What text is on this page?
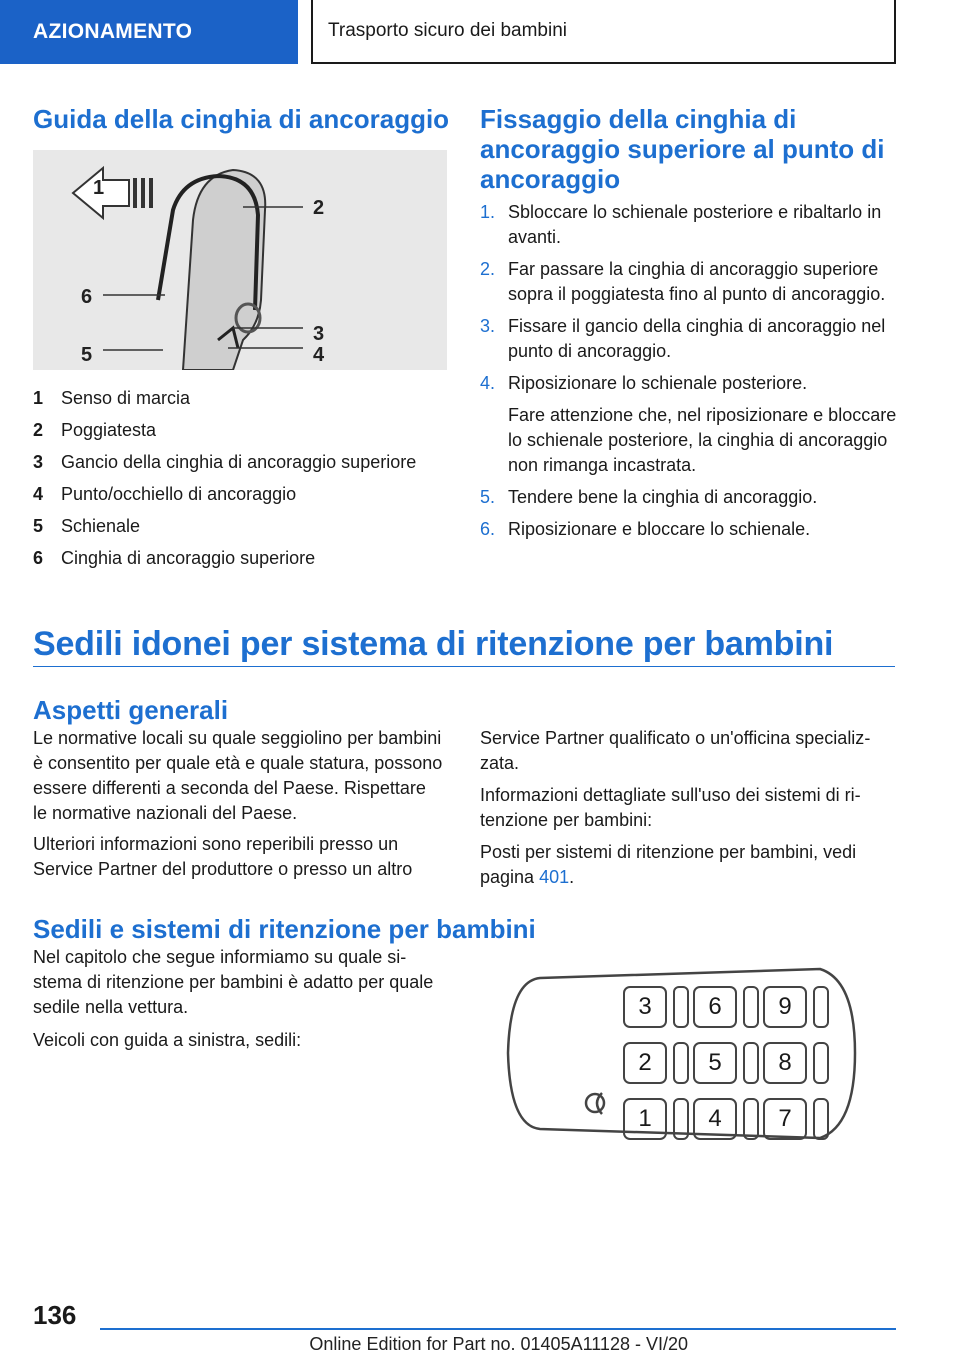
AZIONAMENTO	Trasporto sicuro dei bambini
Guida della cinghia di ancoraggio
1
2
3
4
5
6
1 Senso di marcia
2 Poggiatesta
3 Gancio della cinghia di ancoraggio superiore
4 Punto/occhiello di ancoraggio
5 Schienale
6 Cinghia di ancoraggio superiore
Fissaggio della cinghia di
ancoraggio superiore al punto di
ancoraggio
1. Sbloccare lo schienale posteriore e ribaltarlo in avanti.
2. Far passare la cinghia di ancoraggio superiore sopra il poggiatesta fino al punto di ancoraggio.
3. Fissare il gancio della cinghia di ancoraggio nel punto di ancoraggio.
4. Riposizionare lo schienale posteriore.
Fare attenzione che, nel riposizionare e bloccare lo schienale posteriore, la cinghia di ancoraggio non rimanga incastrata.
5. Tendere bene la cinghia di ancoraggio.
6. Riposizionare e bloccare lo schienale.
Sedili idonei per sistema di ritenzione per bambini
Aspetti generali

Le normative locali su quale seggiolino per bambini è consentito per quale età e quale statura, possono essere differenti a seconda del Paese. Rispettare le normative nazionali del Paese.

Ulteriori informazioni sono reperibili presso un Service Partner del produttore o presso un altro

Service Partner qualificato o un'officina specializzata.

Informazioni dettagliate sull'uso dei sistemi di ritenzione per bambini:

Posti per sistemi di ritenzione per bambini, vedi pagina 401.

Sedili e sistemi di ritenzione per bambini

Nel capitolo che segue informiamo su quale sistema di ritenzione per bambini è adatto per quale sedile nella vettura.

Veicoli con guida a sinistra, sedili:

3	6	9
2	5	8
1	4	7
136
Online Edition for Part no. 01405A11128 - VI/20
